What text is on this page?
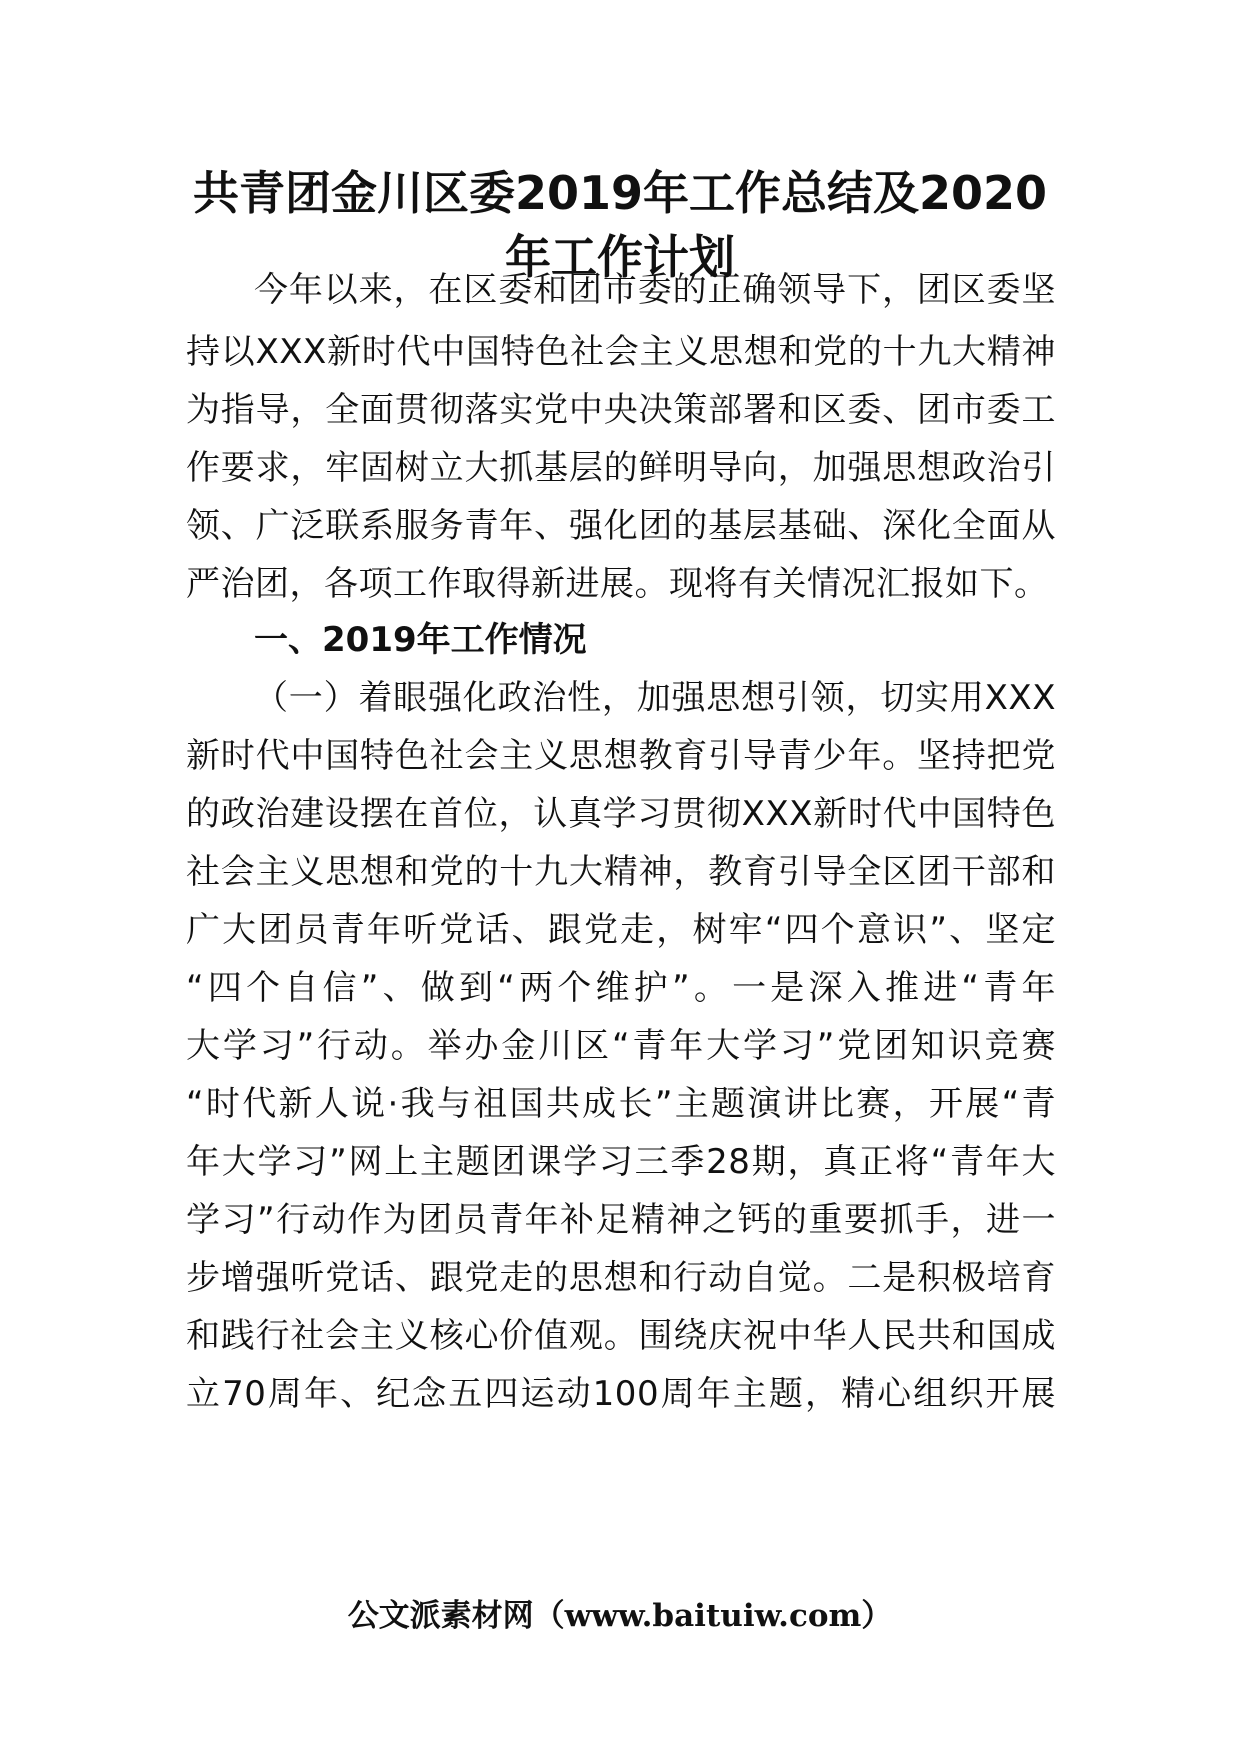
共青团金川区委2019年工作总结及2020
年工作计划
今年以来，在区委和团市委的正确领导下，团区委坚
持以XXX新时代中国特色社会主义思想和党的十九大精神
为指导，全面贯彻落实党中央决策部署和区委、团市委工
作要求，牢固树立大抓基层的鲜明导向，加强思想政治引
领、广泛联系服务青年、强化团的基层基础、深化全面从
严治团，各项工作取得新进展。现将有关情况汇报如下。
一、2019年工作情况
（一）着眼强化政治性，加强思想引领，切实用XXX
新时代中国特色社会主义思想教育引导青少年。坚持把党
的政治建设摆在首位，认真学习贯彻XXX新时代中国特色
社会主义思想和党的十九大精神，教育引导全区团干部和
广大团员青年听党话、跟党走，树牢“四个意识”、坚定
“四个自信”、做到“两个维护”。一是深入推进“青年
大学习”行动。举办金川区“青年大学习”党团知识竞赛
“时代新人说·我与祖国共成长”主题演讲比赛，开展“青
年大学习”网上主题团课学习三季28期，真正将“青年大
学习”行动作为团员青年补足精神之钙的重要抓手，进一
步增强听党话、跟党走的思想和行动自觉。二是积极培育
和践行社会主义核心价值观。围绕庆祝中华人民共和国成
立70周年、纪念五四运动100周年主题，精心组织开展
公文派素材网（www.baituiw.com）
